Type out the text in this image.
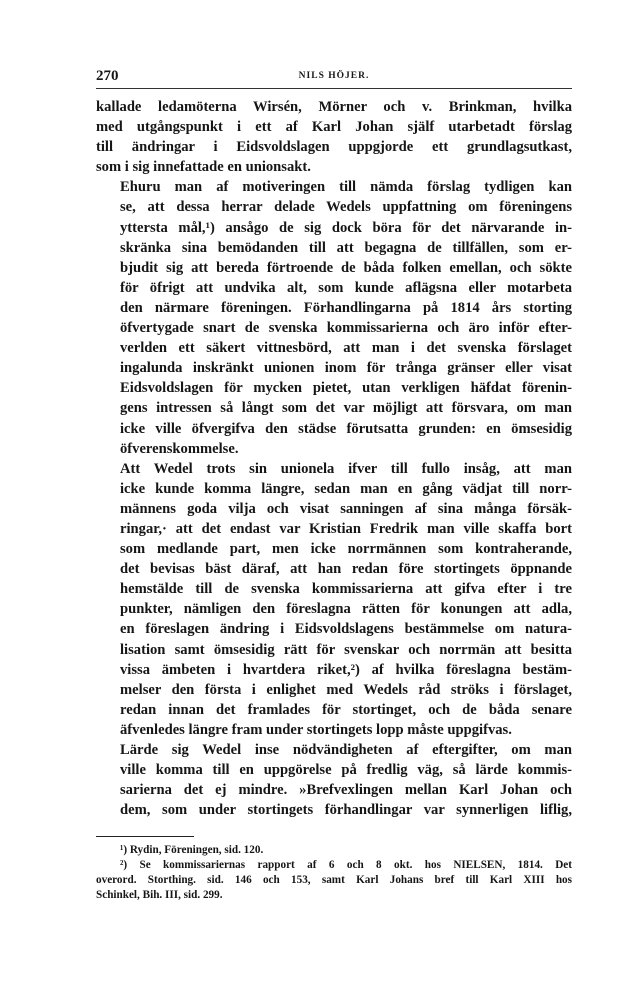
270	NILS HÖJER.

kallade ledamöterna Wirsén, Mörner och v. Brinkman, hvilka
med utgångspunkt i ett af Karl Johan själf utarbetadt förslag
till ändringar i Eidsvoldslagen uppgjorde ett grundlagsutkast,
som i sig innefattade en unionsakt.

Ehuru man af motiveringen till nämda förslag tydligen kan
se, att dessa herrar delade Wedels uppfattning om föreningens
yttersta mål,¹) ansågo de sig dock böra för det närvarande in-
skränka sina bemödanden till att begagna de tillfällen, som er-
bjudit sig att bereda förtroende de båda folken emellan, och sökte
för öfrigt att undvika alt, som kunde aflägsna eller motarbeta
den närmare föreningen. Förhandlingarna på 1814 års storting
öfvertygade snart de svenska kommissarierna och äro inför efter-
verlden ett säkert vittnesbörd, att man i det svenska förslaget
ingalunda inskränkt unionen inom för trånga gränser eller visat
Eidsvoldslagen för mycken pietet, utan verkligen häfdat förenin-
gens intressen så långt som det var möjligt att försvara, om man
icke ville öfvergifva den städse förutsatta grunden: en ömsesidig
öfverenskommelse.

Att Wedel trots sin unionela ifver till fullo insåg, att man
icke kunde komma längre, sedan man en gång vädjat till norr-
männens goda vilja och visat sanningen af sina många försäk-
ringar,· att det endast var Kristian Fredrik man ville skaffa bort
som medlande part, men icke norrmännen som kontraherande,
det bevisas bäst däraf, att han redan före stortingets öppnande
hemstälde till de svenska kommissarierna att gifva efter i tre
punkter, nämligen den föreslagna rätten för konungen att adla,
en föreslagen ändring i Eidsvoldslagens bestämmelse om natura-
lisation samt ömsesidig rätt för svenskar och norrmän att besitta
vissa ämbeten i hvartdera riket,²) af hvilka föreslagna bestäm-
melser den första i enlighet med Wedels råd ströks i förslaget,
redan innan det framlades för stortinget, och de båda senare
äfvenledes längre fram under stortingets lopp måste uppgifvas.

Lärde sig Wedel inse nödvändigheten af eftergifter, om man
ville komma till en uppgörelse på fredlig väg, så lärde kommis-
sarierna det ej mindre. »Brefvexlingen mellan Karl Johan och
dem, som under stortingets förhandlingar var synnerligen liflig,

¹) Rydin, Föreningen, sid. 120.
²) Se kommissariernas rapport af 6 och 8 okt. hos NIELSEN, 1814. Det
overord. Storthing. sid. 146 och 153, samt Karl Johans bref till Karl XIII hos
Schinkel, Bih. III, sid. 299.
